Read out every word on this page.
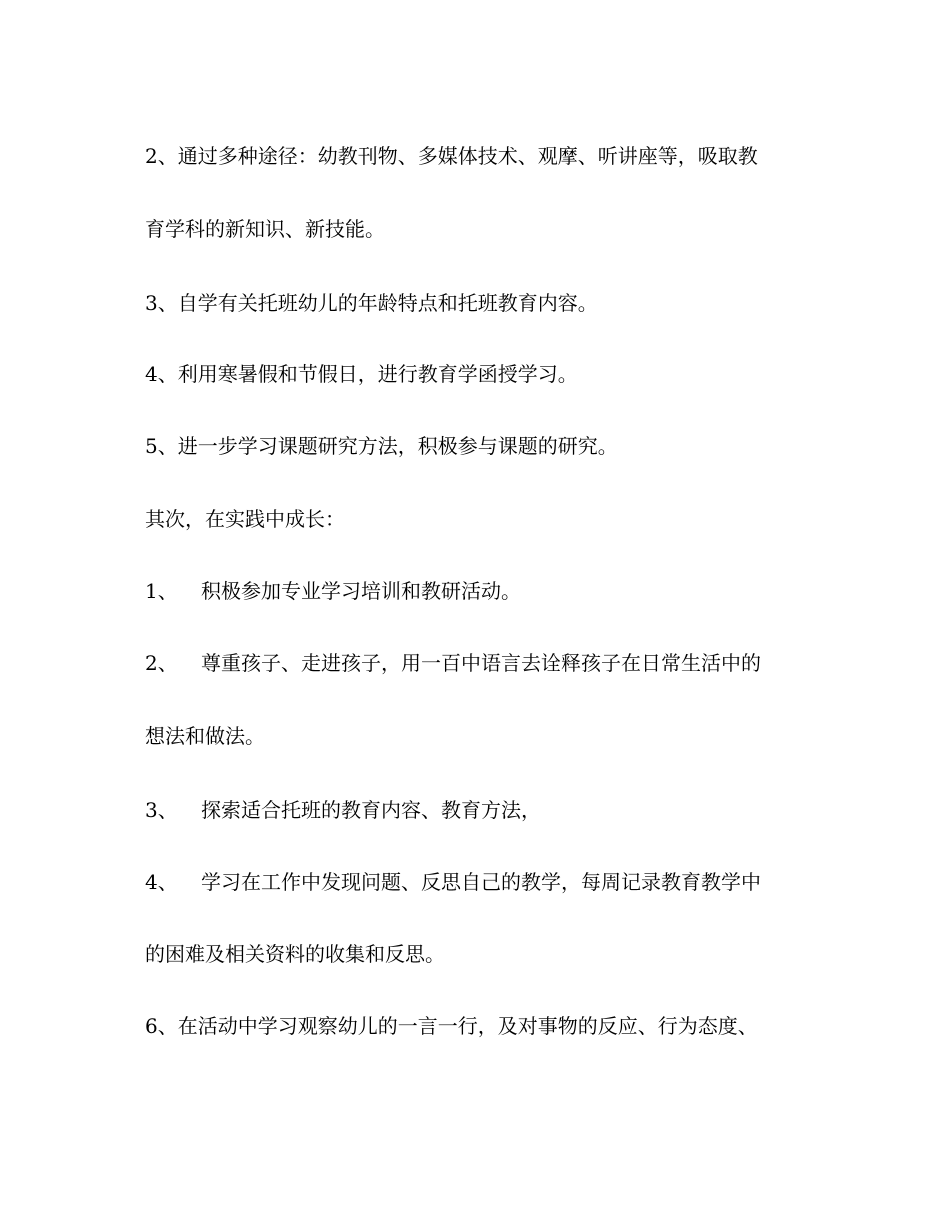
2、通过多种途径：幼教刊物、多媒体技术、观摩、听讲座等，吸取教
育学科的新知识、新技能。
3、自学有关托班幼儿的年龄特点和托班教育内容。
4、利用寒暑假和节假日，进行教育学函授学习。
5、进一步学习课题研究方法，积极参与课题的研究。
其次，在实践中成长：
1、 积极参加专业学习培训和教研活动。
2、 尊重孩子、走进孩子，用一百中语言去诠释孩子在日常生活中的
想法和做法。
3、 探索适合托班的教育内容、教育方法，
4、 学习在工作中发现问题、反思自己的教学，每周记录教育教学中
的困难及相关资料的收集和反思。
6、在活动中学习观察幼儿的一言一行，及对事物的反应、行为态度、
